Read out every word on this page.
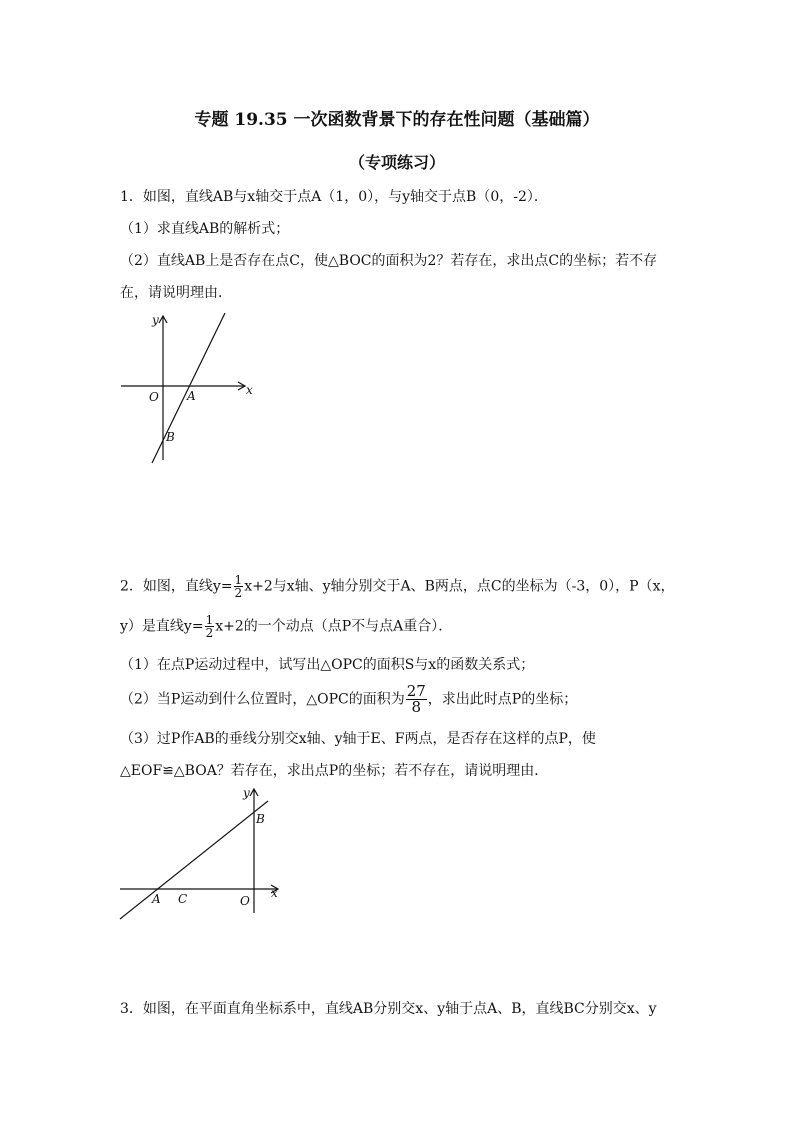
专题 19.35 一次函数背景下的存在性问题（基础篇）
（专项练习）
1．如图，直线AB与x轴交于点A（1，0），与y轴交于点B（0，-2）．
（1）求直线AB的解析式；
（2）直线AB上是否存在点C，使△BOC的面积为2？若存在，求出点C的坐标；若不存
在，请说明理由．
y
x
O A
B
2．如图，直线$y= \frac{1}{2} x+2$与x轴、y轴分别交于A、B两点，点C的坐标为（-3，0），P（x，
y）是直线$y= \frac{1}{2} x+2$的一个动点（点P不与点A重合）．
（1）在点P运动过程中，试写出△OPC的面积S与x的函数关系式；
（2）当P运动到什么位置时，△OPC的面积为 $\frac{27}{8}$ ，求出此时点P的坐标；
（3）过P作AB的垂线分别交x轴、y轴于E、F两点，是否存在这样的点P，使
△EOF≌△BOA？若存在，求出点P的坐标；若不存在，请说明理由．
y
x
B
A C	O
3．如图，在平面直角坐标系中，直线AB分别交x、y轴于点A、B，直线BC分别交x、y
